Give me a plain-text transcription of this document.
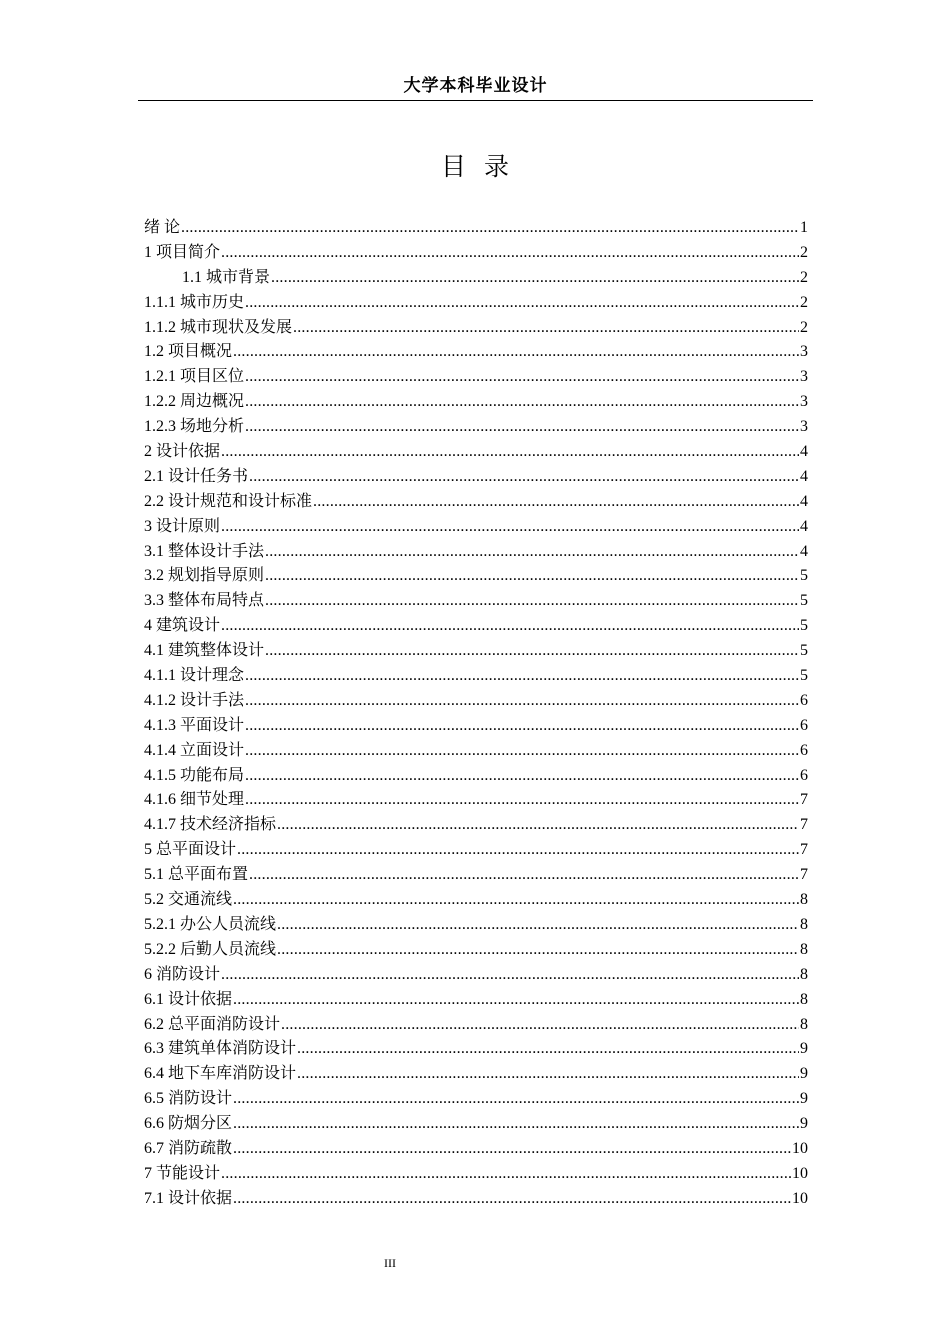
大学本科毕业设计
目 录
绪 论 .....	1
1 项目简介 .....	2
1.1 城市背景 .....	2
1.1.1 城市历史 .....	2
1.1.2 城市现状及发展 .....	2
1.2 项目概况 .....	3
1.2.1 项目区位 .....	3
1.2.2 周边概况 .....	3
1.2.3 场地分析 .....	3
2 设计依据 .....	4
2.1 设计任务书 .....	4
2.2 设计规范和设计标准 .....	4
3 设计原则 .....	4
3.1 整体设计手法 .....	4
3.2 规划指导原则 .....	5
3.3 整体布局特点 .....	5
4 建筑设计 .....	5
4.1 建筑整体设计 .....	5
4.1.1 设计理念 .....	5
4.1.2 设计手法 .....	6
4.1.3 平面设计 .....	6
4.1.4 立面设计 .....	6
4.1.5 功能布局 .....	6
4.1.6 细节处理 .....	7
4.1.7 技术经济指标 .....	7
5 总平面设计 .....	7
5.1 总平面布置 .....	7
5.2 交通流线 .....	8
5.2.1 办公人员流线 .....	8
5.2.2 后勤人员流线 .....	8
6 消防设计 .....	8
6.1 设计依据 .....	8
6.2 总平面消防设计 .....	8
6.3 建筑单体消防设计 .....	9
6.4 地下车库消防设计 .....	9
6.5 消防设计 .....	9
6.6 防烟分区 .....	9
6.7 消防疏散 .....	10
7 节能设计 .....	10
7.1 设计依据 .....	10
III
